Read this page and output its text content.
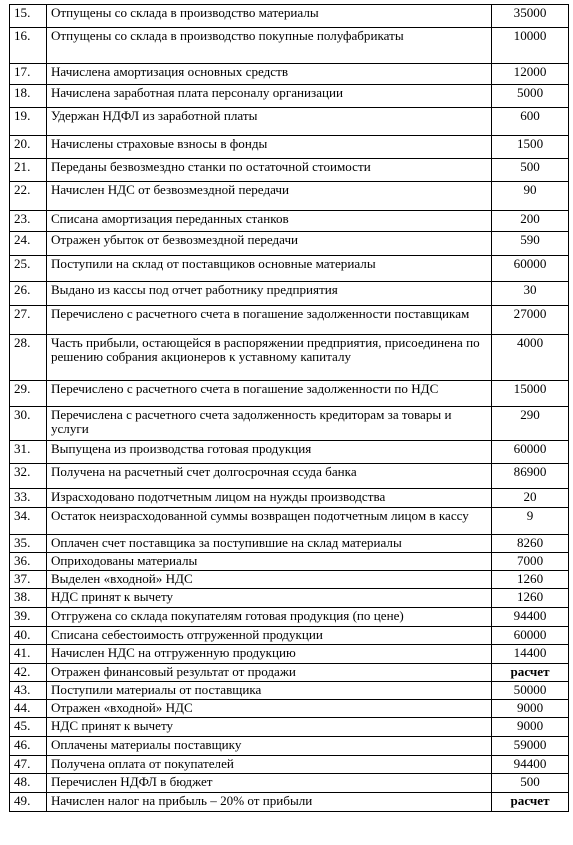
15.	Отпущены со склада в производство материалы	35000
16.	Отпущены со склада в производство покупные полуфабрикаты	10000
17.	Начислена амортизация основных средств	12000
18.	Начислена заработная плата персоналу организации	5000
19.	Удержан НДФЛ из заработной платы	600
20.	Начислены страховые взносы в фонды	1500
21.	Переданы безвозмездно станки по остаточной стоимости	500
22.	Начислен НДС от безвозмездной передачи	90
23.	Списана амортизация переданных станков	200
24.	Отражен убыток от безвозмездной передачи	590
25.	Поступили на склад от поставщиков основные материалы	60000
26.	Выдано из кассы под отчет работнику предприятия	30
27.	Перечислено с расчетного счета в погашение задолженности поставщикам	27000
28.	Часть прибыли, остающейся в распоряжении предприятия, присоединена по решению собрания акционеров к уставному капиталу	4000
29.	Перечислено с расчетного счета в погашение задолженности по НДС	15000
30.	Перечислена с расчетного счета задолженность кредиторам за товары и услуги	290
31.	Выпущена из производства готовая продукция	60000
32.	Получена на расчетный счет долгосрочная ссуда банка	86900
33.	Израсходовано подотчетным лицом на нужды производства	20
34.	Остаток неизрасходованной суммы возвращен подотчетным лицом в кассу	9
35.	Оплачен счет поставщика за поступившие на склад материалы	8260
36.	Оприходованы материалы	7000
37.	Выделен «входной» НДС	1260
38.	НДС принят к вычету	1260
39.	Отгружена со склада покупателям готовая продукция (по цене)	94400
40.	Списана себестоимость отгруженной продукции	60000
41.	Начислен НДС на отгруженную продукцию	14400
42.	Отражен финансовый результат от продажи	расчет
43.	Поступили материалы от поставщика	50000
44.	Отражен «входной» НДС	9000
45.	НДС принят к вычету	9000
46.	Оплачены материалы поставщику	59000
47.	Получена оплата от покупателей	94400
48.	Перечислен НДФЛ в бюджет	500
49.	Начислен налог на прибыль – 20% от прибыли	расчет
